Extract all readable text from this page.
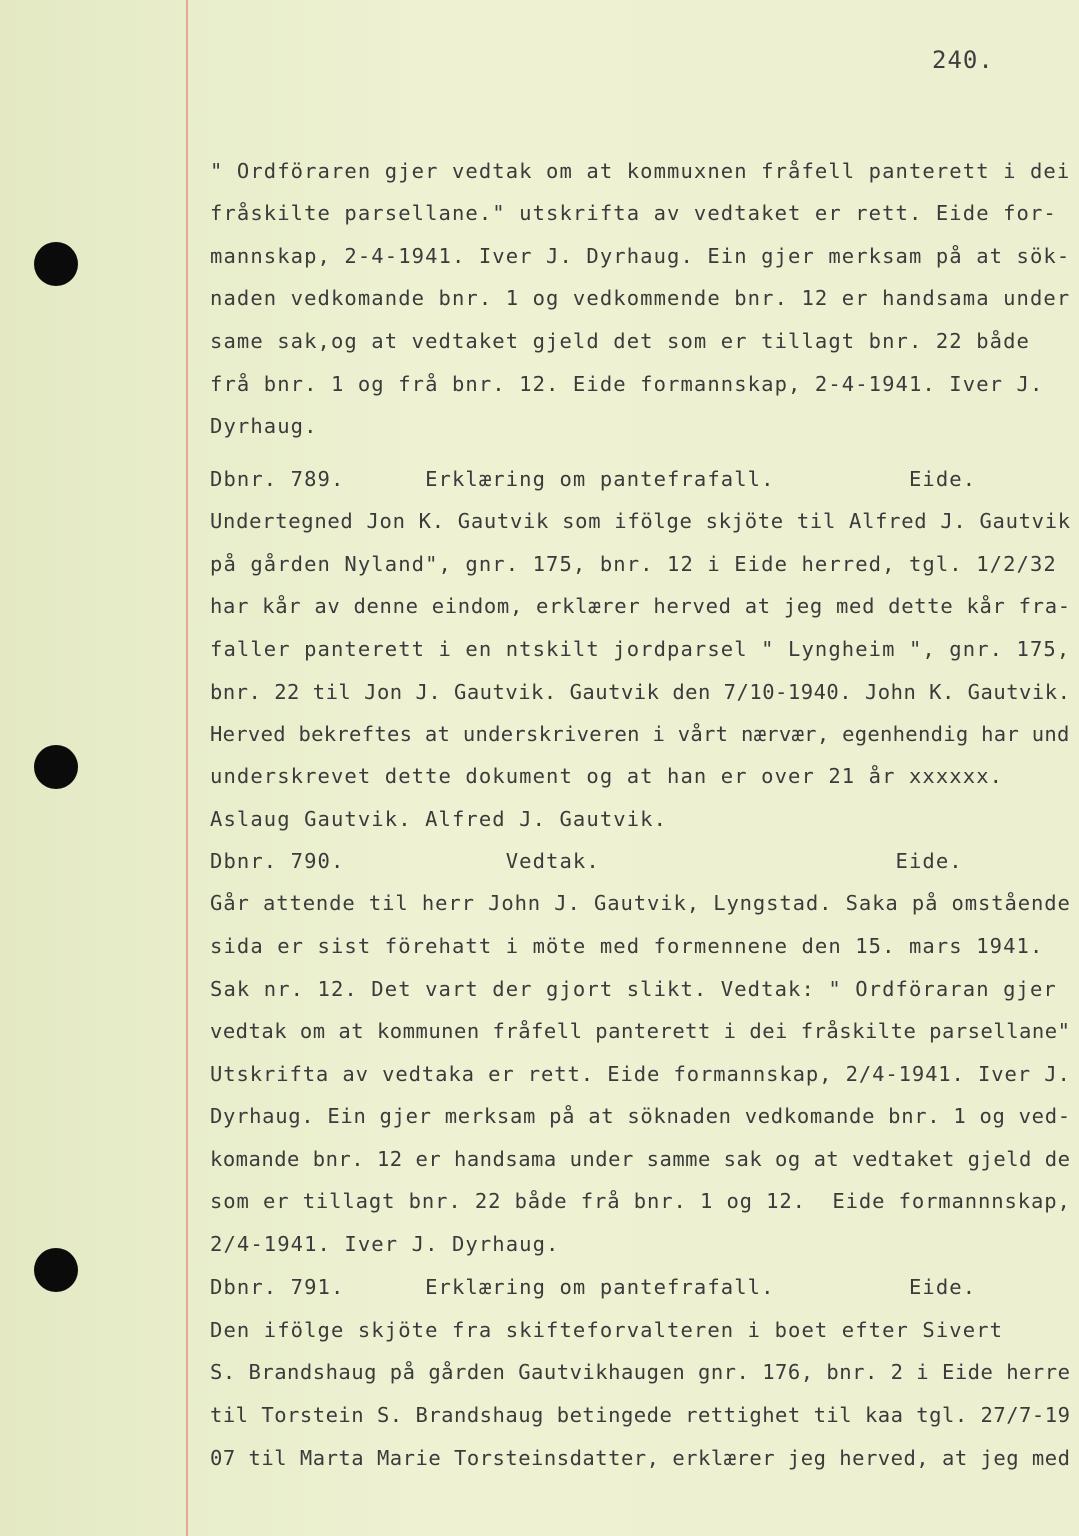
240.
" Ordföraren gjer vedtak om at kommuxnen fråfell panterett i dei
fråskilte parsellane." utskrifta av vedtaket er rett. Eide for-
mannskap, 2-4-1941. Iver J. Dyrhaug. Ein gjer merksam på at sök-
naden vedkomande bnr. 1 og vedkommende bnr. 12 er handsama under
same sak,og at vedtaket gjeld det som er tillagt bnr. 22 både
frå bnr. 1 og frå bnr. 12. Eide formannskap, 2-4-1941. Iver J.
Dyrhaug.
Dbnr. 789.      Erklæring om pantefrafall.          Eide.
Undertegned Jon K. Gautvik som ifölge skjöte til Alfred J. Gautvik
på gården Nyland", gnr. 175, bnr. 12 i Eide herred, tgl. 1/2/32
har kår av denne eindom, erklærer herved at jeg med dette kår fra-
faller panterett i en ntskilt jordparsel " Lyngheim ", gnr. 175,
bnr. 22 til Jon J. Gautvik. Gautvik den 7/10-1940. John K. Gautvik.
Herved bekreftes at underskriveren i vårt nærvær, egenhendig har und
underskrevet dette dokument og at han er over 21 år xxxxxx.
Aslaug Gautvik. Alfred J. Gautvik.
Dbnr. 790.            Vedtak.                      Eide.
Går attende til herr John J. Gautvik, Lyngstad. Saka på omstående
sida er sist förehatt i möte med formennene den 15. mars 1941.
Sak nr. 12. Det vart der gjort slikt. Vedtak: " Ordföraran gjer
vedtak om at kommunen fråfell panterett i dei fråskilte parsellane"
Utskrifta av vedtaka er rett. Eide formannskap, 2/4-1941. Iver J.
Dyrhaug. Ein gjer merksam på at söknaden vedkomande bnr. 1 og ved-
komande bnr. 12 er handsama under samme sak og at vedtaket gjeld de
som er tillagt bnr. 22 både frå bnr. 1 og 12.  Eide formannnskap,
2/4-1941. Iver J. Dyrhaug.
Dbnr. 791.      Erklæring om pantefrafall.          Eide.
Den ifölge skjöte fra skifteforvalteren i boet efter Sivert
S. Brandshaug på gården Gautvikhaugen gnr. 176, bnr. 2 i Eide herre
til Torstein S. Brandshaug betingede rettighet til kaa tgl. 27/7-19
07 til Marta Marie Torsteinsdatter, erklærer jeg herved, at jeg med
